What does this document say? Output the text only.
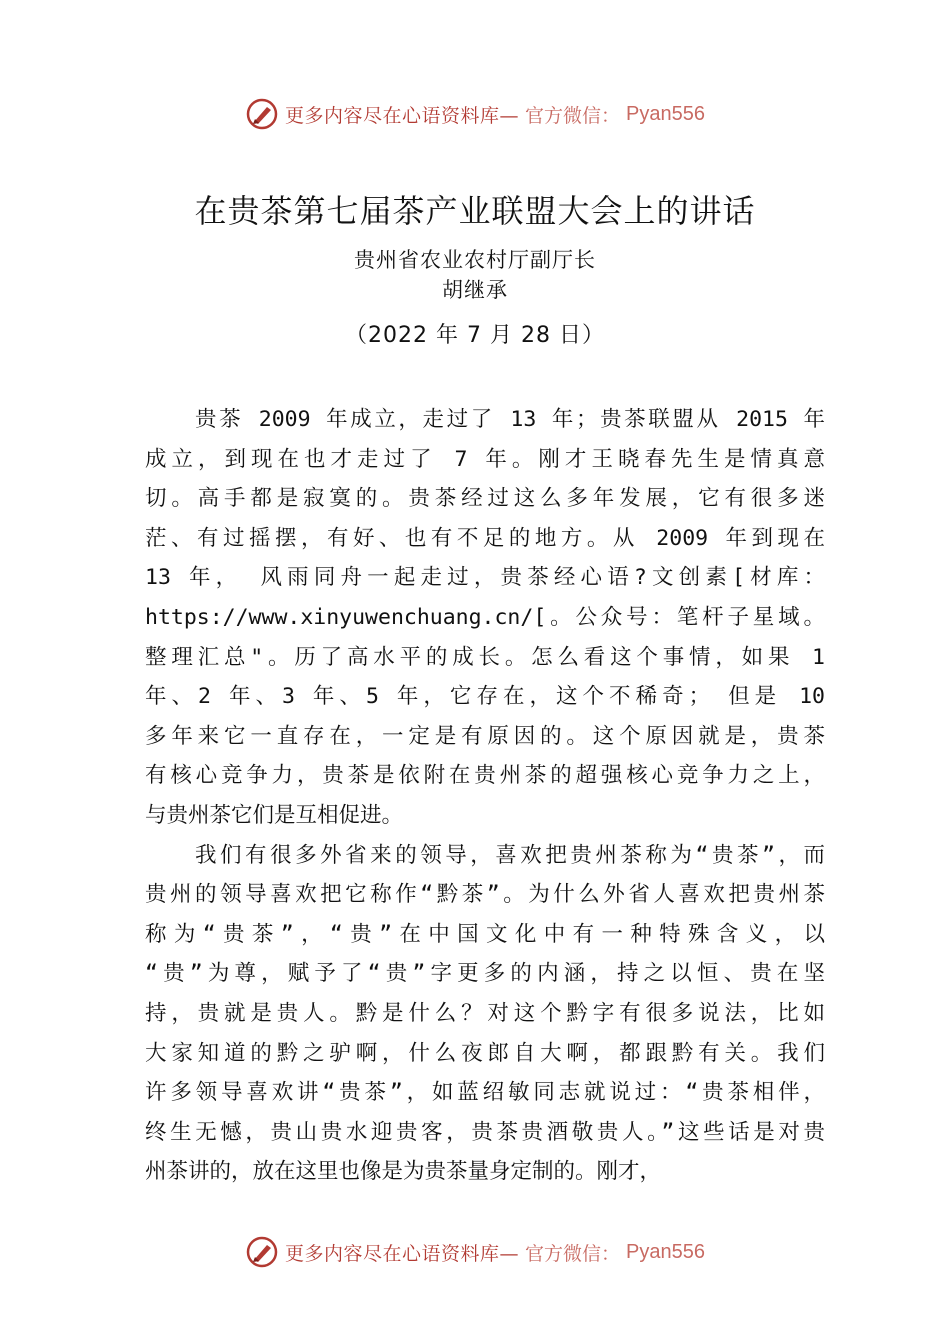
更多内容尽在心语资料库— 官方微信： Pyan556
在贵茶第七届茶产业联盟大会上的讲话
贵州省农业农村厅副厅长
胡继承
（2022 年 7 月 28 日）
贵茶 2009 年成立，走过了 13 年；贵茶联盟从 2015 年
成立，到现在也才走过了 7 年。刚才王晓春先生是情真意
切。高手都是寂寞的。贵茶经过这么多年发展，它有很多迷
茫、有过摇摆，有好、也有不足的地方。从 2009 年到现在
13 年， 风雨同舟一起走过，贵茶经心语?文创素[材库：
https://www.xinyuwenchuang.cn/[。公众号：笔杆子星域。
整理汇总"。历了高水平的成长。怎么看这个事情，如果 1
年、2 年、3 年、5 年，它存在，这个不稀奇； 但是 10
多年来它一直存在，一定是有原因的。这个原因就是，贵茶
有核心竞争力，贵茶是依附在贵州茶的超强核心竞争力之上，
与贵州茶它们是互相促进。
我们有很多外省来的领导，喜欢把贵州茶称为“贵茶”，而
贵州的领导喜欢把它称作“黔茶”。为什么外省人喜欢把贵州茶
称为“贵茶”，“贵”在中国文化中有一种特殊含义，以
“贵”为尊，赋予了“贵”字更多的内涵，持之以恒、贵在坚
持，贵就是贵人。黔是什么？对这个黔字有很多说法，比如
大家知道的黔之驴啊，什么夜郎自大啊，都跟黔有关。我们
许多领导喜欢讲“贵茶”，如蓝绍敏同志就说过：“贵茶相伴，
终生无憾，贵山贵水迎贵客，贵茶贵酒敬贵人。”这些话是对贵
州茶讲的，放在这里也像是为贵茶量身定制的。刚才，
更多内容尽在心语资料库— 官方微信： Pyan556
